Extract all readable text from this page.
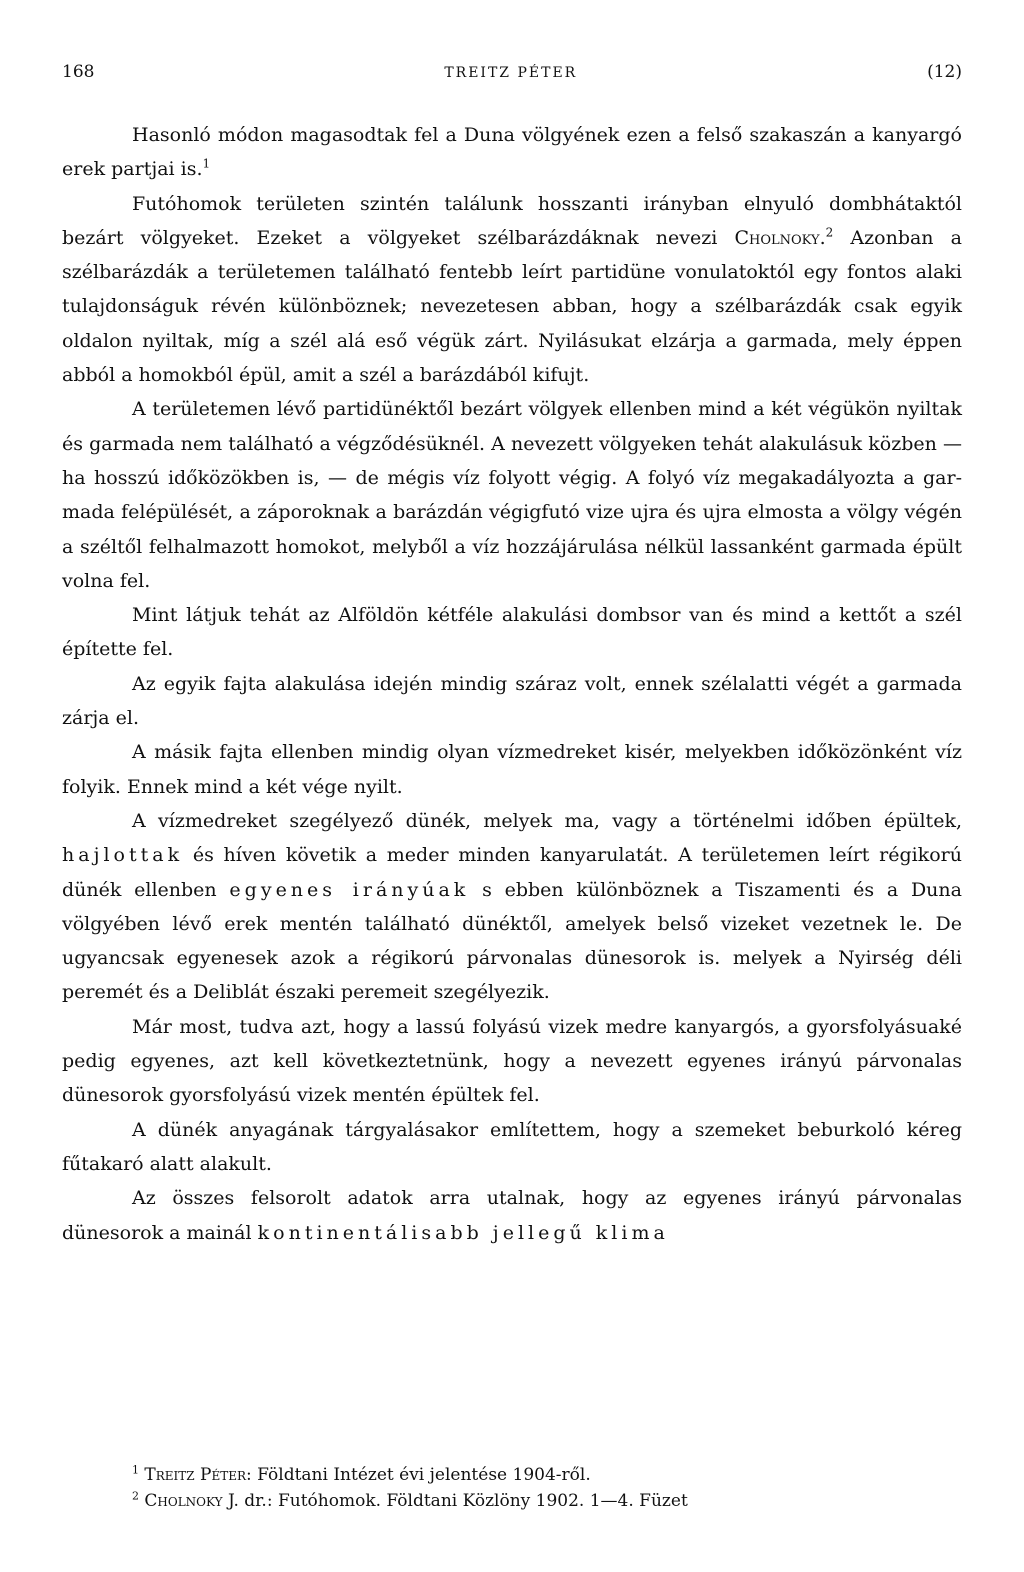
168	TREITZ PÉTER	(12)

Hasonló módon magasodtak fel a Duna völgyének ezen a felső szakaszán a kanyargó erek partjai is.$^1$

Futóhomok területen szintén találunk hosszanti irányban elnyuló dombhátaktól bezárt völgyeket. Ezeket a völgyeket szélbarázdáknak nevezi Cholnoky.$^2$ Azonban a szélbarázdák a területemen található fentebb leírt partidüne vonulatoktól egy fontos alaki tulajdonságuk révén különböznek; nevezetesen abban, hogy a szélbarázdák csak egyik oldalon nyiltak, míg a szél alá eső végük zárt. Nyilásukat elzárja a garmada, mely éppen abból a homokból épül, amit a szél a barázdából kifujt.

A területemen lévő partidünéktől bezárt völgyek ellenben mind a két végükön nyiltak és garmada nem található a végződésüknél. A nevezett völgyeken tehát alakulásuk közben — ha hosszú időközökben is, — de mégis víz folyott végig. A folyó víz megakadályozta a garmada felépülését, a záporoknak a barázdán végigfutó vize ujra és ujra elmosta a völgy végén a széltől felhalmazott homokot, melyből a víz hozzájárulása nélkül lassanként garmada épült volna fel.

Mint látjuk tehát az Alföldön kétféle alakulási dombsor van és mind a kettőt a szél építette fel.

Az egyik fajta alakulása idején mindig száraz volt, ennek szélalatti végét a garmada zárja el.

A másik fajta ellenben mindig olyan vízmedreket kisér, melyekben időközönként víz folyik. Ennek mind a két vége nyilt.

A vízmedreket szegélyező dünék, melyek ma, vagy a történelmi időben épültek, hajlottak és híven követik a meder minden kanyarulatát. A területemen leírt régikorú dünék ellenben egyenes irányúak s ebben különböznek a Tiszamenti és a Duna völgyében lévő erek mentén található dünéktől, amelyek belső vizeket vezetnek le. De ugyancsak egyenesek azok a régikorú párvonalas dünesorok is. melyek a Nyirség déli peremét és a Deliblát északi peremeit szegélyezik.

Már most, tudva azt, hogy a lassú folyású vizek medre kanyargós, a gyorsfolyásuaké pedig egyenes, azt kell következtetnünk, hogy a nevezett egyenes irányú párvonalas dünesorok gyorsfolyású vizek mentén épültek fel.

A dünék anyagának tárgyalásakor említettem, hogy a szemeket beburkoló kéreg fűtakaró alatt alakult.

Az összes felsorolt adatok arra utalnak, hogy az egyenes irányú párvonalas dünesorok a mainál kontinentálisabb jellegű klima

$^1$ Treitz Péter: Földtani Intézet évi jelentése 1904-ről.
$^2$ Cholnoky J. dr.: Futóhomok. Földtani Közlöny 1902. 1—4. Füzet
